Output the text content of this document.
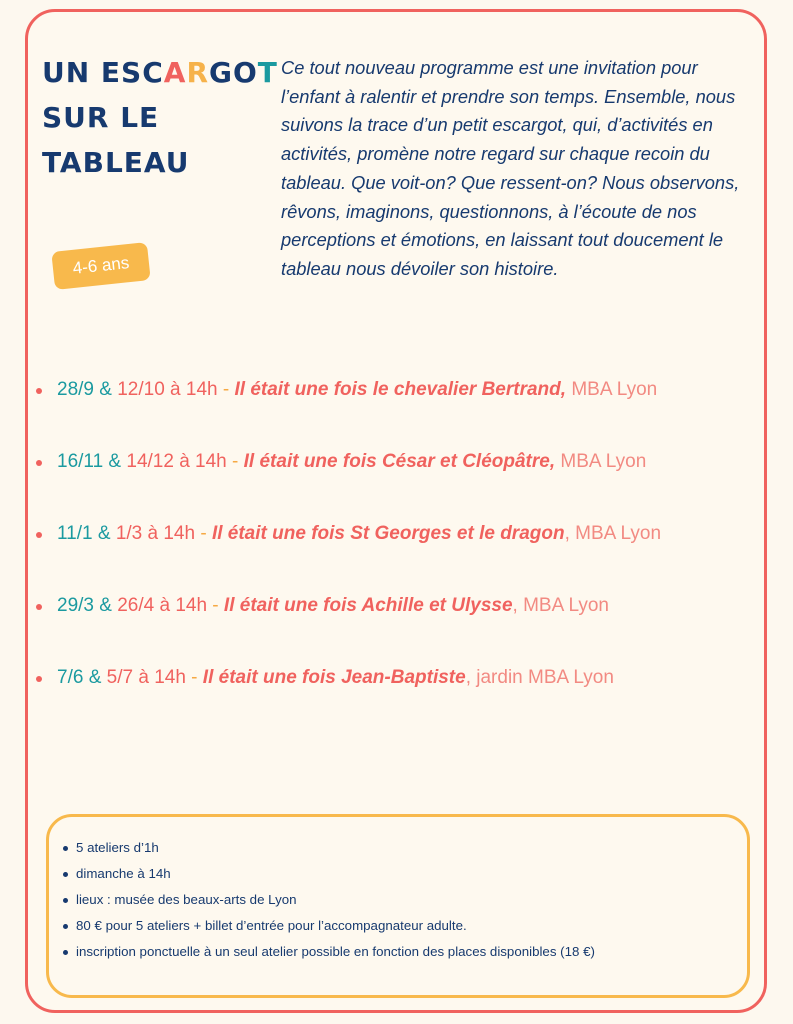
UN ESCARGOT
SUR LE
TABLEAU

Ce tout nouveau programme est une invitation pour l’enfant à ralentir et prendre son temps. Ensemble, nous suivons la trace d’un petit escargot, qui, d’activités en activités, promène notre regard sur chaque recoin du tableau. Que voit-on? Que ressent-on? Nous observons, rêvons, imaginons, questionnons, à l’écoute de nos perceptions et émotions, en laissant tout doucement le tableau nous dévoiler son histoire.

4-6 ans
28/9 & 12/10 à 14h - Il était une fois le chevalier Bertrand, MBA Lyon
16/11 & 14/12 à 14h - Il était une fois César et Cléopâtre, MBA Lyon
11/1 & 1/3 à 14h - Il était une fois St Georges et le dragon, MBA Lyon
29/3 & 26/4 à 14h - Il était une fois Achille et Ulysse, MBA Lyon
7/6 & 5/7 à 14h - Il était une fois Jean-Baptiste, jardin MBA Lyon
5 ateliers d’1h
dimanche à 14h
lieux : musée des beaux-arts de Lyon
80 € pour 5 ateliers + billet d’entrée pour l’accompagnateur adulte.
inscription ponctuelle à un seul atelier possible en fonction des places disponibles (18 €)
